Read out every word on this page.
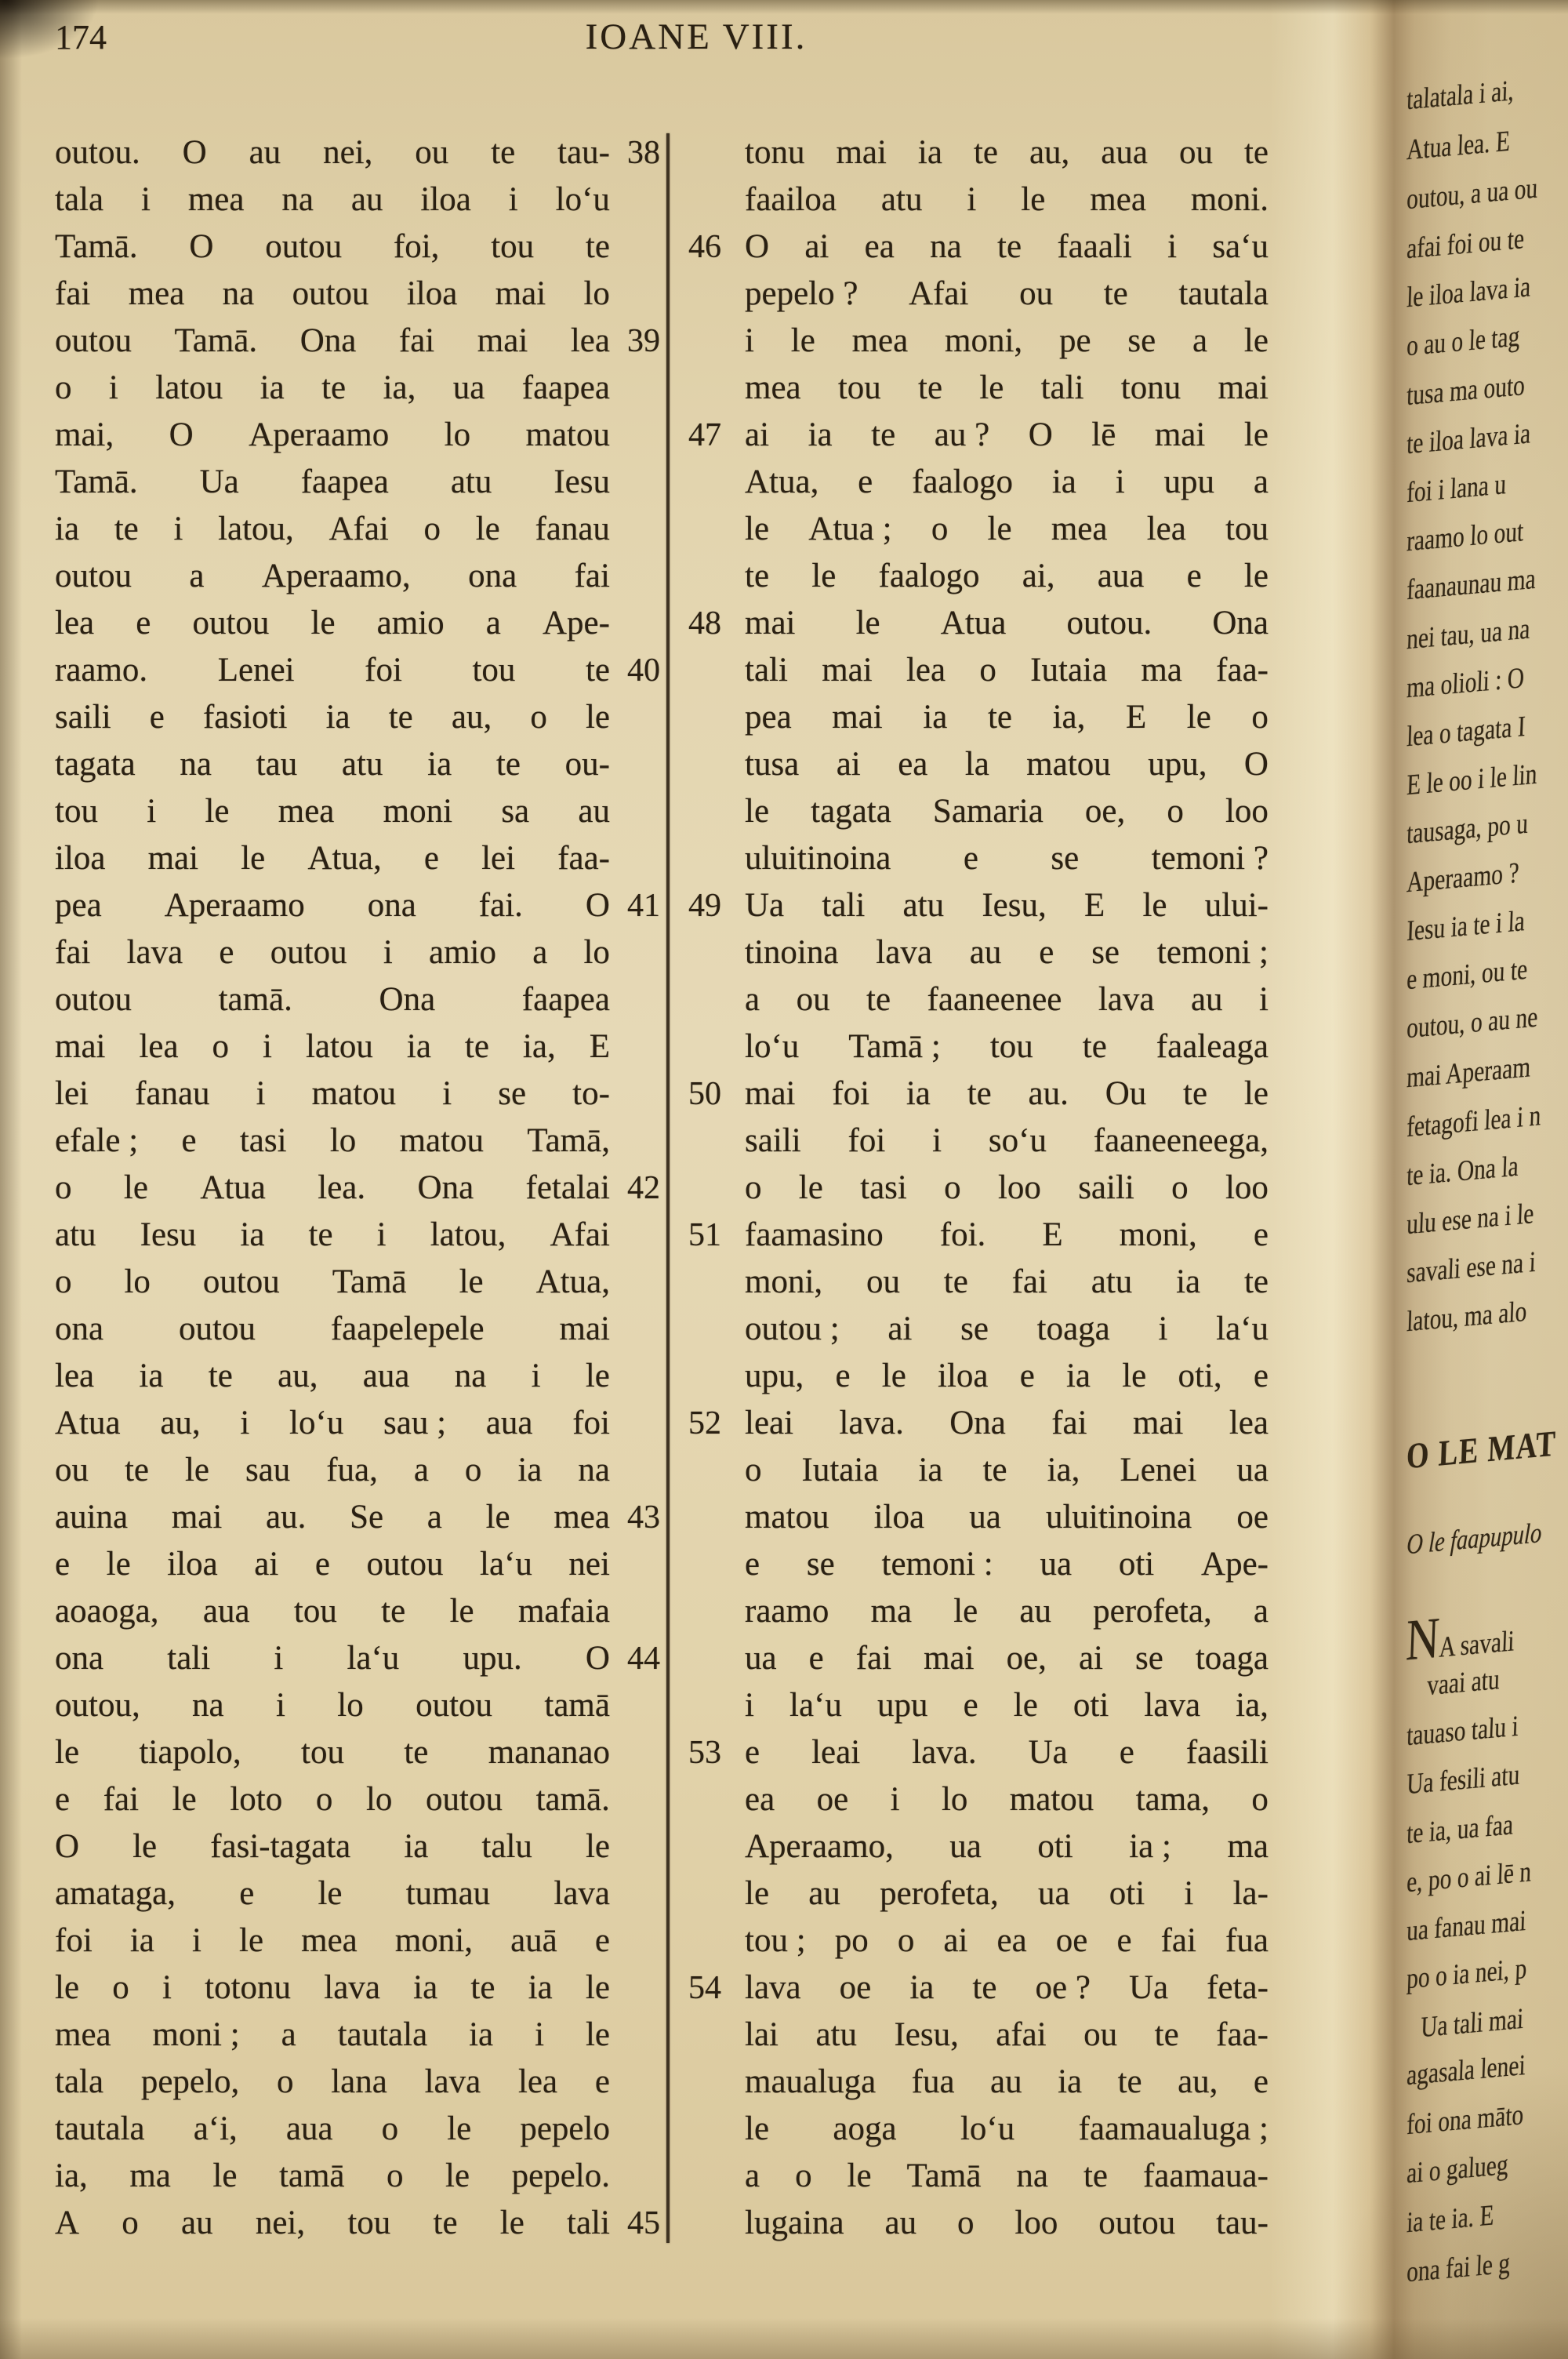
174	IOANE VIII.
outou. O au nei, ou te tau- 38
tala i mea na au iloa i lo‘u
Tamā. O outou foi, tou te
fai mea na outou iloa mai lo
outou Tamā. Ona fai mai lea 39
o i latou ia te ia, ua faapea
mai, O Aperaamo lo matou
Tamā. Ua faapea atu Iesu
ia te i latou, Afai o le fanau
outou a Aperaamo, ona fai
lea e outou le amio a Ape-
raamo. Lenei foi tou te 40
saili e fasioti ia te au, o le
tagata na tau atu ia te ou-
tou i le mea moni sa au
iloa mai le Atua, e lei faa-
pea Aperaamo ona fai. O 41
fai lava e outou i amio a lo
outou	tamā.	Ona	faapea
mai lea o i latou ia te ia, E
lei fanau i matou i se to-
efale ; e tasi lo matou Tamā,
o le Atua lea. Ona fetalai 42
atu Iesu ia te i latou, Afai
o lo outou Tamā le Atua,
ona outou faapelepele mai
lea ia te au, aua na i le
Atua au, i lo‘u sau ; aua foi
ou te le sau fua, a o ia na
auina mai au. Se a le mea 43
e le iloa ai e outou la‘u nei
aoaoga, aua tou te le mafaia
ona tali i la‘u upu. O 44
outou, na i lo outou tamā
le tiapolo, tou te mananao
e fai le loto o lo outou tamā.
O le fasi-tagata ia talu le
amataga, e le tumau lava
foi ia i le mea moni, auā e
le o i totonu lava ia te ia le
mea moni ; a tautala ia i le
tala pepelo, o lana lava lea e
tautala a‘i, aua o le pepelo
ia, ma le tamā o le pepelo.
A o au nei, tou te le tali 45
tonu mai ia te au, aua ou te
faailoa atu i le mea moni.
46 O ai ea na te faaali i sa‘u
pepelo ? Afai ou te tautala
i le mea moni, pe se a le
mea tou te le tali tonu mai
47 ai ia te au ? O lē mai le
Atua, e faalogo ia i upu a
le Atua ; o le mea lea tou
te le faalogo ai, aua e le
48 mai le Atua outou. Ona
tali mai lea o Iutaia ma faa-
pea mai ia te ia, E le o
tusa ai ea la matou upu, O
le tagata Samaria oe, o loo
uluitinoina e se temoni ?
49 Ua tali atu Iesu, E le ului-
tinoina lava au e se temoni ;
a ou te faaneenee lava au i
lo‘u Tamā ; tou te faaleaga
50 mai foi ia te au. Ou te le
saili foi i so‘u faaneeneega,
o le tasi o loo saili o loo
51 faamasino foi. E moni, e
moni, ou te fai atu ia te
outou ; ai se toaga i la‘u
upu, e le iloa e ia le oti, e
52 leai lava. Ona fai mai lea
o Iutaia ia te ia, Lenei ua
matou iloa ua uluitinoina oe
e se temoni : ua oti Ape-
raamo ma le au perofeta, a
ua e fai mai oe, ai se toaga
i la‘u upu e le oti lava ia,
53 e leai lava. Ua e faasili
ea oe i lo matou tama, o
Aperaamo, ua oti ia ; ma
le au perofeta, ua oti i la-
tou ; po o ai ea oe e fai fua
54 lava oe ia te oe ? Ua feta-
lai atu Iesu, afai ou te faa-
maualuga fua au ia te au, e
le aoga lo‘u faamaualuga ;
a o le Tamā na te faamaua-
lugaina au o loo outou tau-
talatala i ai,
Atua lea. E
outou, a ua ou
afai foi ou te
le iloa lava ia
o au o le tag
tusa ma outo
te iloa lava ia
foi i lana u
raamo lo out
faanaunau ma
nei tau, ua na
ma olioli : O
lea o tagata I
E le oo i le lin
tausaga, po u
Aperaamo ?
Iesu ia te i la
e moni, ou te
outou, o au ne
mai Aperaam
fetagofi lea i n
te ia. Ona la
ulu ese na i le
savali ese na i
latou, ma alo
O LE MAT
O le faapupulo
NA savali
vaai atu
tauaso talu i
Ua fesili atu
te ia, ua faa
e, po o ai lē n
ua fanau mai
po o ia nei, p
Ua tali mai
agasala lenei
foi ona māto
ai o galueg
ia te ia. E
ona fai le g
